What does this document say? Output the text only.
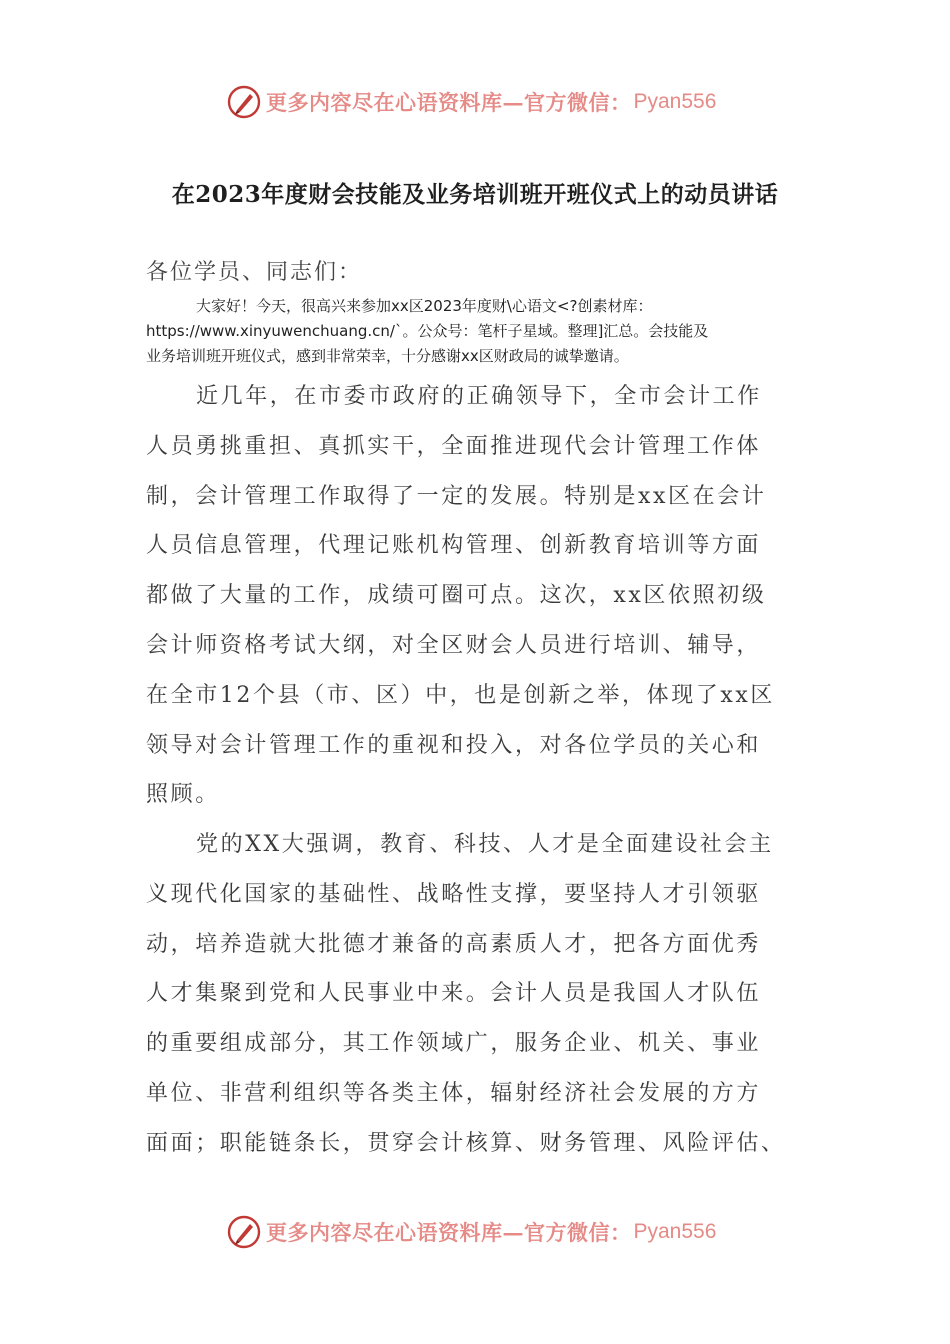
更多内容尽在心语资料库—官方微信： Pyan556
在2023年度财会技能及业务培训班开班仪式上的动员讲话
各位学员、同志们：
大家好！今天，很高兴来参加xx区2023年度财\心语文<?创素材库：
https://www.xinyuwenchuang.cn/`。公众号：笔杆子星域。整理]汇总。会技能及
业务培训班开班仪式，感到非常荣幸，十分感谢xx区财政局的诚挚邀请。
近几年，在市委市政府的正确领导下，全市会计工作
人员勇挑重担、真抓实干，全面推进现代会计管理工作体
制，会计管理工作取得了一定的发展。特别是xx区在会计
人员信息管理，代理记账机构管理、创新教育培训等方面
都做了大量的工作，成绩可圈可点。这次，xx区依照初级
会计师资格考试大纲，对全区财会人员进行培训、辅导，
在全市12个县（市、区）中，也是创新之举，体现了xx区
领导对会计管理工作的重视和投入，对各位学员的关心和
照顾。
党的XX大强调，教育、科技、人才是全面建设社会主
义现代化国家的基础性、战略性支撑，要坚持人才引领驱
动，培养造就大批德才兼备的高素质人才，把各方面优秀
人才集聚到党和人民事业中来。会计人员是我国人才队伍
的重要组成部分，其工作领域广，服务企业、机关、事业
单位、非营利组织等各类主体，辐射经济社会发展的方方
面面；职能链条长，贯穿会计核算、财务管理、风险评估、
更多内容尽在心语资料库—官方微信： Pyan556
